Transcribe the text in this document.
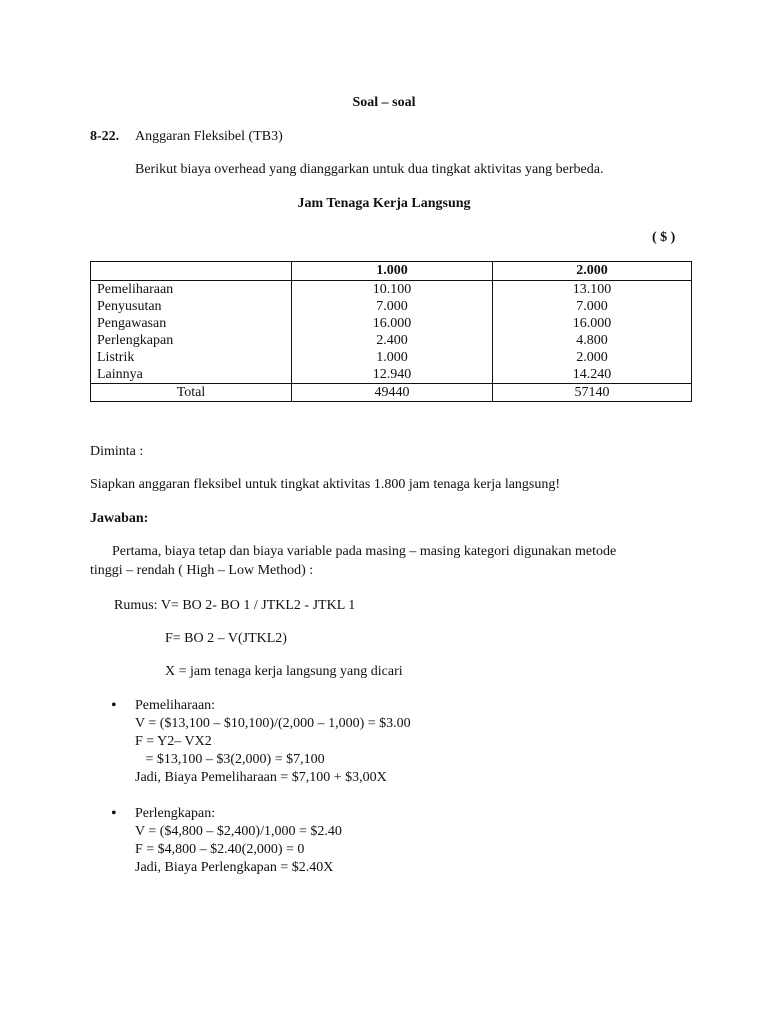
Soal – soal
8-22. Anggaran Fleksibel (TB3)
Berikut biaya overhead yang dianggarkan untuk dua tingkat aktivitas yang berbeda.
Jam Tenaga Kerja Langsung
( $ )
	1.000	2.000
Pemeliharaan	10.100	13.100
Penyusutan	7.000	7.000
Pengawasan	16.000	16.000
Perlengkapan	2.400	4.800
Listrik	1.000	2.000
Lainnya	12.940	14.240
Total	49440	57140
Diminta :
Siapkan anggaran fleksibel untuk tingkat aktivitas 1.800 jam tenaga kerja langsung!
Jawaban:
Pertama, biaya tetap dan biaya variable pada masing – masing kategori digunakan metode
tinggi – rendah ( High – Low Method) :
Rumus: V= BO 2- BO 1 / JTKL2 - JTKL 1
F= BO 2 – V(JTKL2)
X = jam tenaga kerja langsung yang dicari
• Pemeliharaan:
V = ($13,100 – $10,100)/(2,000 – 1,000) = $3.00
F = Y2– VX2
= $13,100 – $3(2,000) = $7,100
Jadi, Biaya Pemeliharaan = $7,100 + $3,00X
• Perlengkapan:
V = ($4,800 – $2,400)/1,000 = $2.40
F = $4,800 – $2.40(2,000) = 0
Jadi, Biaya Perlengkapan = $2.40X
